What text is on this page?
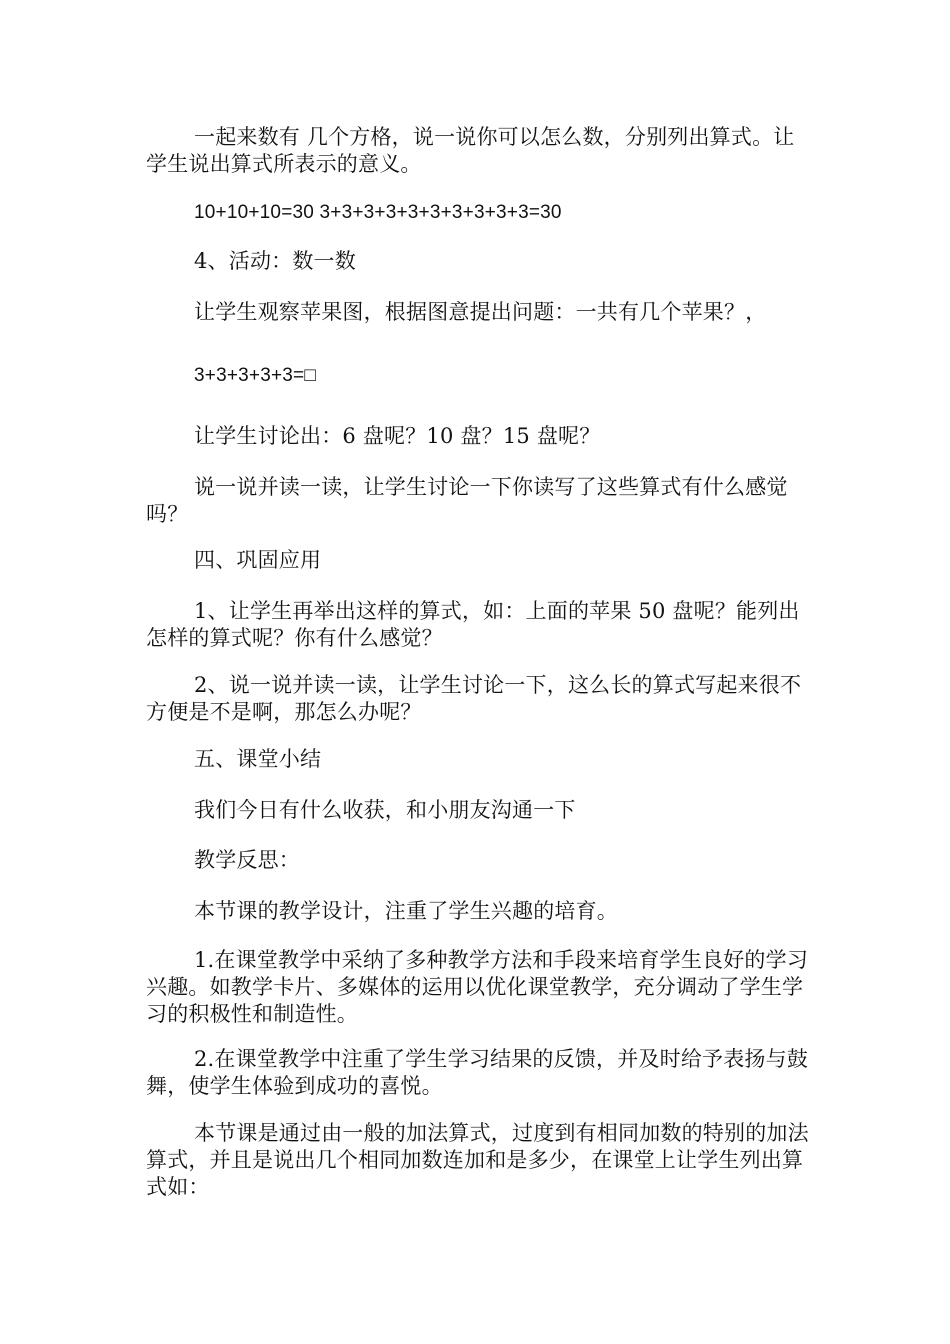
一起来数有 几个方格，说一说你可以怎么数，分别列出算式。让学生说出算式所表示的意义。

10+10+10=30 3+3+3+3+3+3+3+3+3+3=30

4、活动：数一数

让学生观察苹果图，根据图意提出问题：一共有几个苹果？，

3+3+3+3+3=□

让学生讨论出：6 盘呢？10 盘？15 盘呢？

说一说并读一读，让学生讨论一下你读写了这些算式有什么感觉吗？

四、巩固应用

1、让学生再举出这样的算式，如：上面的苹果 50 盘呢？能列出怎样的算式呢？你有什么感觉？

2、说一说并读一读，让学生讨论一下，这么长的算式写起来很不方便是不是啊，那怎么办呢？

五、课堂小结

我们今日有什么收获，和小朋友沟通一下

教学反思：

本节课的教学设计，注重了学生兴趣的培育。

1.在课堂教学中采纳了多种教学方法和手段来培育学生良好的学习兴趣。如教学卡片、多媒体的运用以优化课堂教学，充分调动了学生学习的积极性和制造性。

2.在课堂教学中注重了学生学习结果的反馈，并及时给予表扬与鼓舞，使学生体验到成功的喜悦。

本节课是通过由一般的加法算式，过度到有相同加数的特别的加法算式，并且是说出几个相同加数连加和是多少，在课堂上让学生列出算式如：
